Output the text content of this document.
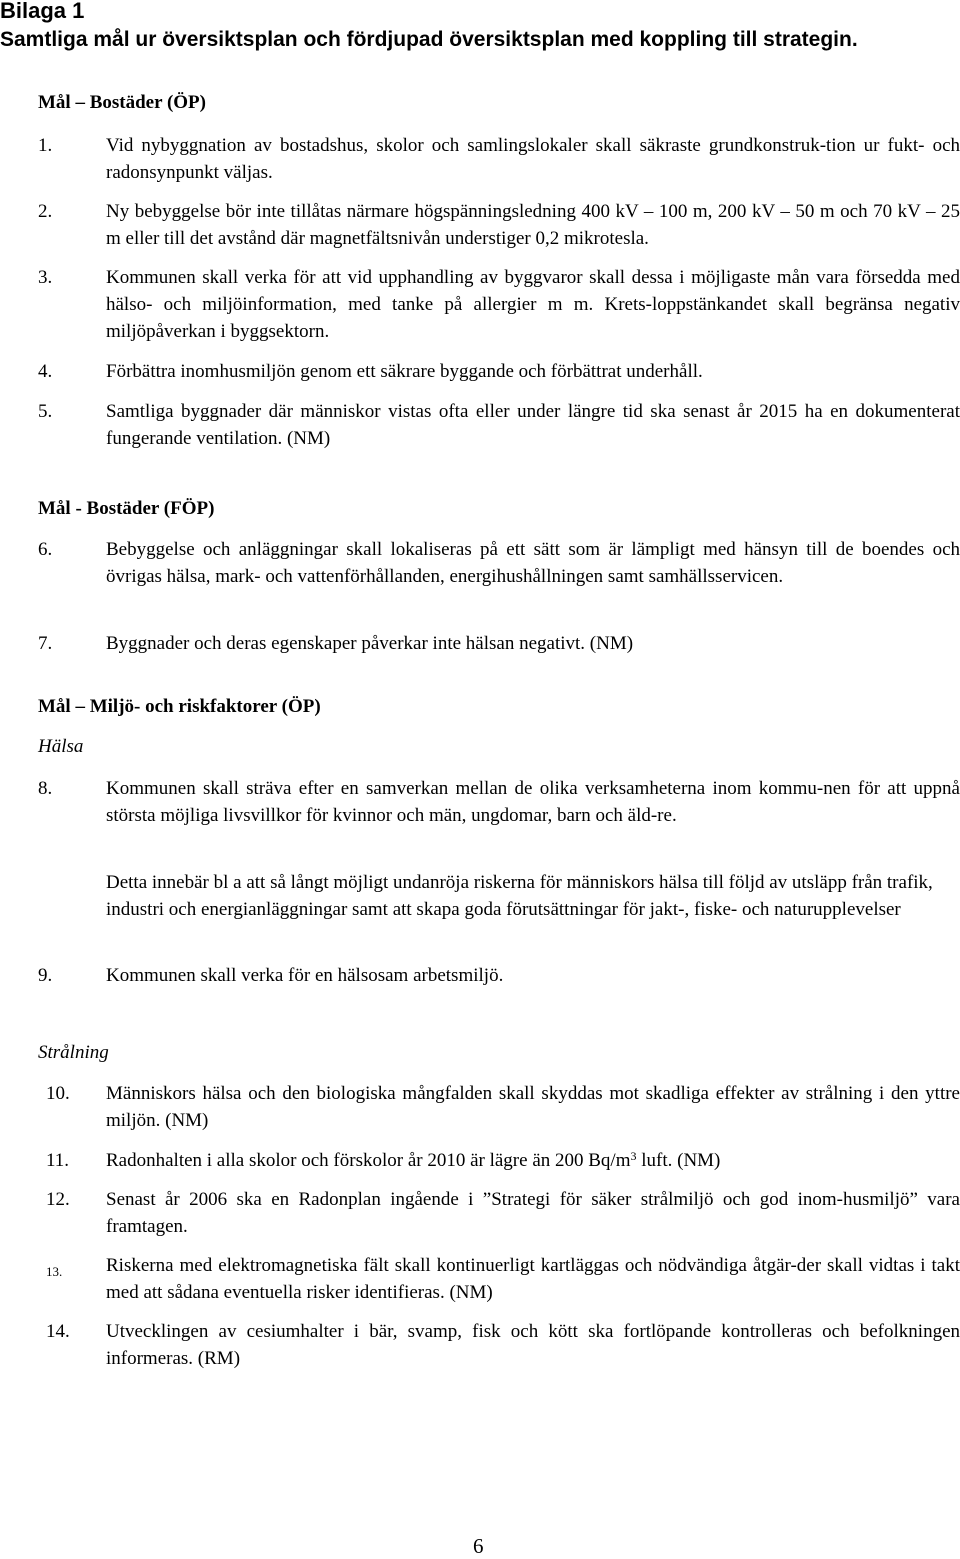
Bilaga 1
Samtliga mål ur översiktsplan och fördjupad översiktsplan med koppling till strategin.
Mål – Bostäder (ÖP)
1.	Vid nybyggnation av bostadshus, skolor och samlingslokaler skall säkraste grundkonstruk-tion ur fukt- och radonsynpunkt väljas.
2.	Ny bebyggelse bör inte tillåtas närmare högspänningsledning 400 kV – 100 m, 200 kV – 50 m och 70 kV – 25 m eller till det avstånd där magnetfältsnivån understiger 0,2 mikrotesla.
3.	Kommunen skall verka för att vid upphandling av byggvaror skall dessa i möjligaste mån vara försedda med hälso- och miljöinformation, med tanke på allergier m m. Krets-loppstänkandet skall begränsa negativ miljöpåverkan i byggsektorn.
4.	Förbättra inomhusmiljön genom ett säkrare byggande och förbättrat underhåll.
5.	Samtliga byggnader där människor vistas ofta eller under längre tid ska senast år 2015 ha en dokumenterat fungerande ventilation. (NM)
Mål - Bostäder (FÖP)
6.	Bebyggelse och anläggningar skall lokaliseras på ett sätt som är lämpligt med hänsyn till de boendes och övrigas hälsa, mark- och vattenförhållanden, energihushållningen samt samhällsservicen.
7.	Byggnader och deras egenskaper påverkar inte hälsan negativt. (NM)
Mål – Miljö- och riskfaktorer (ÖP)
Hälsa
8.	Kommunen skall sträva efter en samverkan mellan de olika verksamheterna inom kommu-nen för att uppnå största möjliga livsvillkor för kvinnor och män, ungdomar, barn och äld-re.
Detta innebär bl a att så långt möjligt undanröja riskerna för människors hälsa till följd av utsläpp från trafik, industri och energianläggningar samt att skapa goda förutsättningar för jakt-, fiske- och naturupplevelser
9.	Kommunen skall verka för en hälsosam arbetsmiljö.
Strålning
10. Människors hälsa och den biologiska mångfalden skall skyddas mot skadliga effekter av strålning i den yttre miljön. (NM)
11. Radonhalten i alla skolor och förskolor år 2010 är lägre än 200 $Bq/m^3$ luft. (NM)
12. Senast år 2006 ska en Radonplan ingående i ”Strategi för säker strålmiljö och god inom-husmiljö” vara framtagen.
13. Riskerna med elektromagnetiska fält skall kontinuerligt kartläggas och nödvändiga åtgär-der skall vidtas i takt med att sådana eventuella risker identifieras. (NM)
14. Utvecklingen av cesiumhalter i bär, svamp, fisk och kött ska fortlöpande kontrolleras och befolkningen informeras. (RM)
6
